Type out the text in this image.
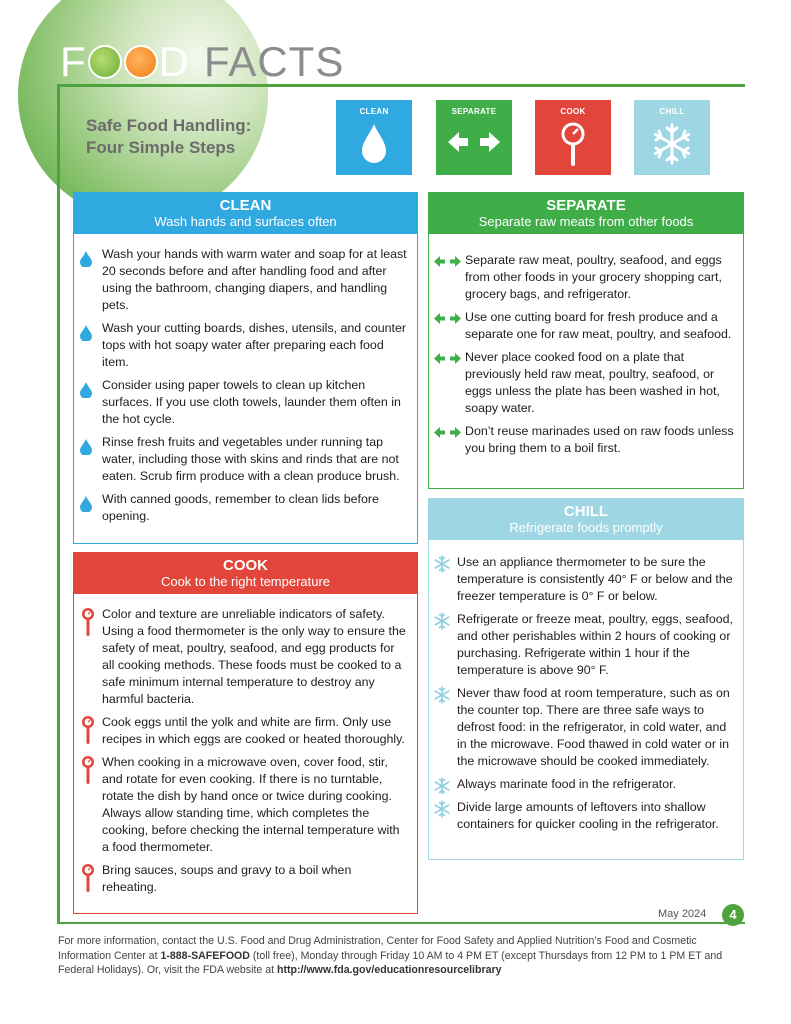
F D FACTS
Safe Food Handling:
Four Simple Steps
CLEAN	SEPARATE	COOK	CHILL
CLEAN
Wash hands and surfaces often
Wash your hands with warm water and soap for at least 20 seconds before and after handling food and after using the bathroom, changing diapers, and handling pets.
Wash your cutting boards, dishes, utensils, and counter tops with hot soapy water after preparing each food item.
Consider using paper towels to clean up kitchen surfaces. If you use cloth towels, launder them often in the hot cycle.
Rinse fresh fruits and vegetables under running tap water, including those with skins and rinds that are not eaten. Scrub firm produce with a clean produce brush.
With canned goods, remember to clean lids before opening.
SEPARATE
Separate raw meats from other foods
Separate raw meat, poultry, seafood, and eggs from other foods in your grocery shopping cart, grocery bags, and refrigerator.
Use one cutting board for fresh produce and a separate one for raw meat, poultry, and seafood.
Never place cooked food on a plate that previously held raw meat, poultry, seafood, or eggs unless the plate has been washed in hot, soapy water.
Don’t reuse marinades used on raw foods unless you bring them to a boil first.
CHILL
Refrigerate foods promptly
Use an appliance thermometer to be sure the temperature is consistently 40° F or below and the freezer temperature is 0° F or below.
Refrigerate or freeze meat, poultry, eggs, seafood, and other perishables within 2 hours of cooking or purchasing. Refrigerate within 1 hour if the temperature is above 90° F.
Never thaw food at room temperature, such as on the counter top. There are three safe ways to defrost food: in the refrigerator, in cold water, and in the microwave. Food thawed in cold water or in the microwave should be cooked immediately.
Always marinate food in the refrigerator.
Divide large amounts of leftovers into shallow containers for quicker cooling in the refrigerator.
COOK
Cook to the right temperature
Color and texture are unreliable indicators of safety. Using a food thermometer is the only way to ensure the safety of meat, poultry, seafood, and egg products for all cooking methods. These foods must be cooked to a safe minimum internal temperature to destroy any harmful bacteria.
Cook eggs until the yolk and white are firm. Only use recipes in which eggs are cooked or heated thoroughly.
When cooking in a microwave oven, cover food, stir, and rotate for even cooking. If there is no turntable, rotate the dish by hand once or twice during cooking. Always allow standing time, which completes the cooking, before checking the internal temperature with a food thermometer.
Bring sauces, soups and gravy to a boil when reheating.
May 2024	4
For more information, contact the U.S. Food and Drug Administration, Center for Food Safety and Applied Nutrition’s Food and Cosmetic Information Center at 1-888-SAFEFOOD (toll free), Monday through Friday 10 AM to 4 PM ET (except Thursdays from 12 PM to 1 PM ET and Federal Holidays). Or, visit the FDA website at http://www.fda.gov/educationresourcelibrary
